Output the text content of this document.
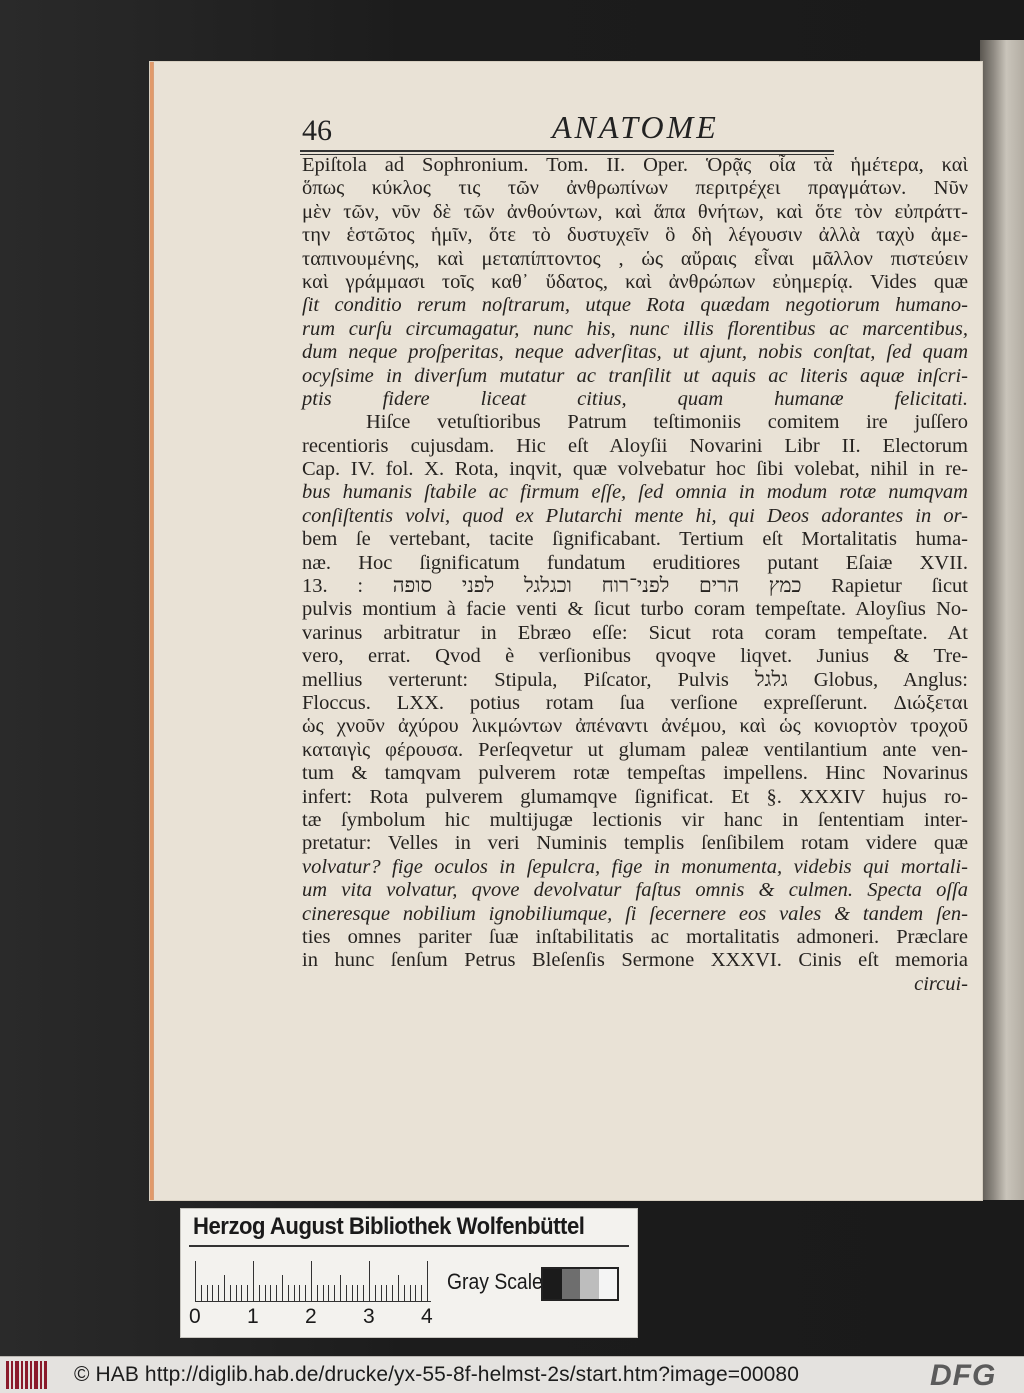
46	ANATOME
Epiſtola ad Sophronium. Tom. II. Oper. Ὁρᾷς οἷα τὰ ἡμέτερα, καὶ
ὅπως κύκλος τις τῶν ἀνθρωπίνων περιτρέχει πραγμάτων. Νῦν
μὲν τῶν, νῦν δὲ τῶν ἀνθούντων, καὶ ἅπα θνήτων, καὶ ὅτε τὸν εὐπράττ-
την ἑστῶτος ἡμῖν, ὅτε τὸ δυστυχεῖν ὃ δὴ λέγουσιν ἀλλὰ ταχὺ ἀμε-
ταπινουμένης, καὶ μεταπίπτοντος , ὡς αὔραις εἶναι μᾶλλον πιστεύειν
καὶ γράμμασι τοῖς καθ᾽ ὕδατος, καὶ ἀνθρώπων εὐημερίᾳ. Vides quæ
ſit conditio rerum noſtrarum, utque Rota quædam negotiorum humano-
rum curſu circumagatur, nunc his, nunc illis florentibus ac marcentibus,
dum neque proſperitas, neque adverſitas, ut ajunt, nobis conſtat, ſed quam
ocyſsime in diverſum mutatur ac tranſilit ut aquis ac literis aquæ inſcri-
ptis fidere liceat citius, quam humanæ felicitati.
Hiſce vetuſtioribus Patrum teſtimoniis comitem ire juſſero
recentioris cujusdam. Hic eſt Aloyſii Novarini Libr II. Electorum
Cap. IV. fol. X. Rota, inqvit, quæ volvebatur hoc ſibi volebat, nihil in re-
bus humanis ſtabile ac firmum eſſe, ſed omnia in modum rotæ numqvam
conſiſtentis volvi, quod ex Plutarchi mente hi, qui Deos adorantes in or-
bem ſe vertebant, tacite ſignificabant. Tertium eſt Mortalitatis huma-
næ. Hoc ſignificatum fundatum eruditiores putant Eſaiæ XVII.
13. : כמץ הרים לפני־רוח וכגלגל לפני סופה Rapietur ſicut
pulvis montium à facie venti & ſicut turbo coram tempeſtate. Aloyſius No-
varinus arbitratur in Ebræo eſſe: Sicut rota coram tempeſtate. At
vero, errat. Qvod è verſionibus qvoqve liqvet. Junius & Tre-
mellius verterunt: Stipula, Piſcator, Pulvis גלגל Globus, Anglus:
Floccus. LXX. potius rotam ſua verſione expreſſerunt. Διώξεται
ὡς χνοῦν ἀχύρου λικμώντων ἀπέναντι ἀνέμου, καὶ ὡς κονιορτὸν τροχοῦ
καταιγὶς φέρουσα. Perſeqvetur ut glumam paleæ ventilantium ante ven-
tum & tamqvam pulverem rotæ tempeſtas impellens. Hinc Novarinus
infert: Rota pulverem glumamqve ſignificat. Et §. XXXIV hujus ro-
tæ ſymbolum hic multijugæ lectionis vir hanc in ſententiam inter-
pretatur: Velles in veri Numinis templis ſenſibilem rotam videre quæ
volvatur? fige oculos in ſepulcra, fige in monumenta, videbis qui mortali-
um vita volvatur, qvove devolvatur faſtus omnis & culmen. Spectа oſſa
cineresque nobilium ignobiliumque, ſi ſecernere eos vales & tandem ſen-
ties omnes pariter ſuæ inſtabilitatis ac mortalitatis admoneri. Præclare
in hunc ſenſum Petrus Bleſenſis Sermone XXXVI. Cinis eſt memoria
circui-
Herzog August Bibliothek Wolfenbüttel
0 1 2 3 4
Gray Scale
© HAB http://diglib.hab.de/drucke/yx-55-8f-helmst-2s/start.htm?image=00080	DFG
